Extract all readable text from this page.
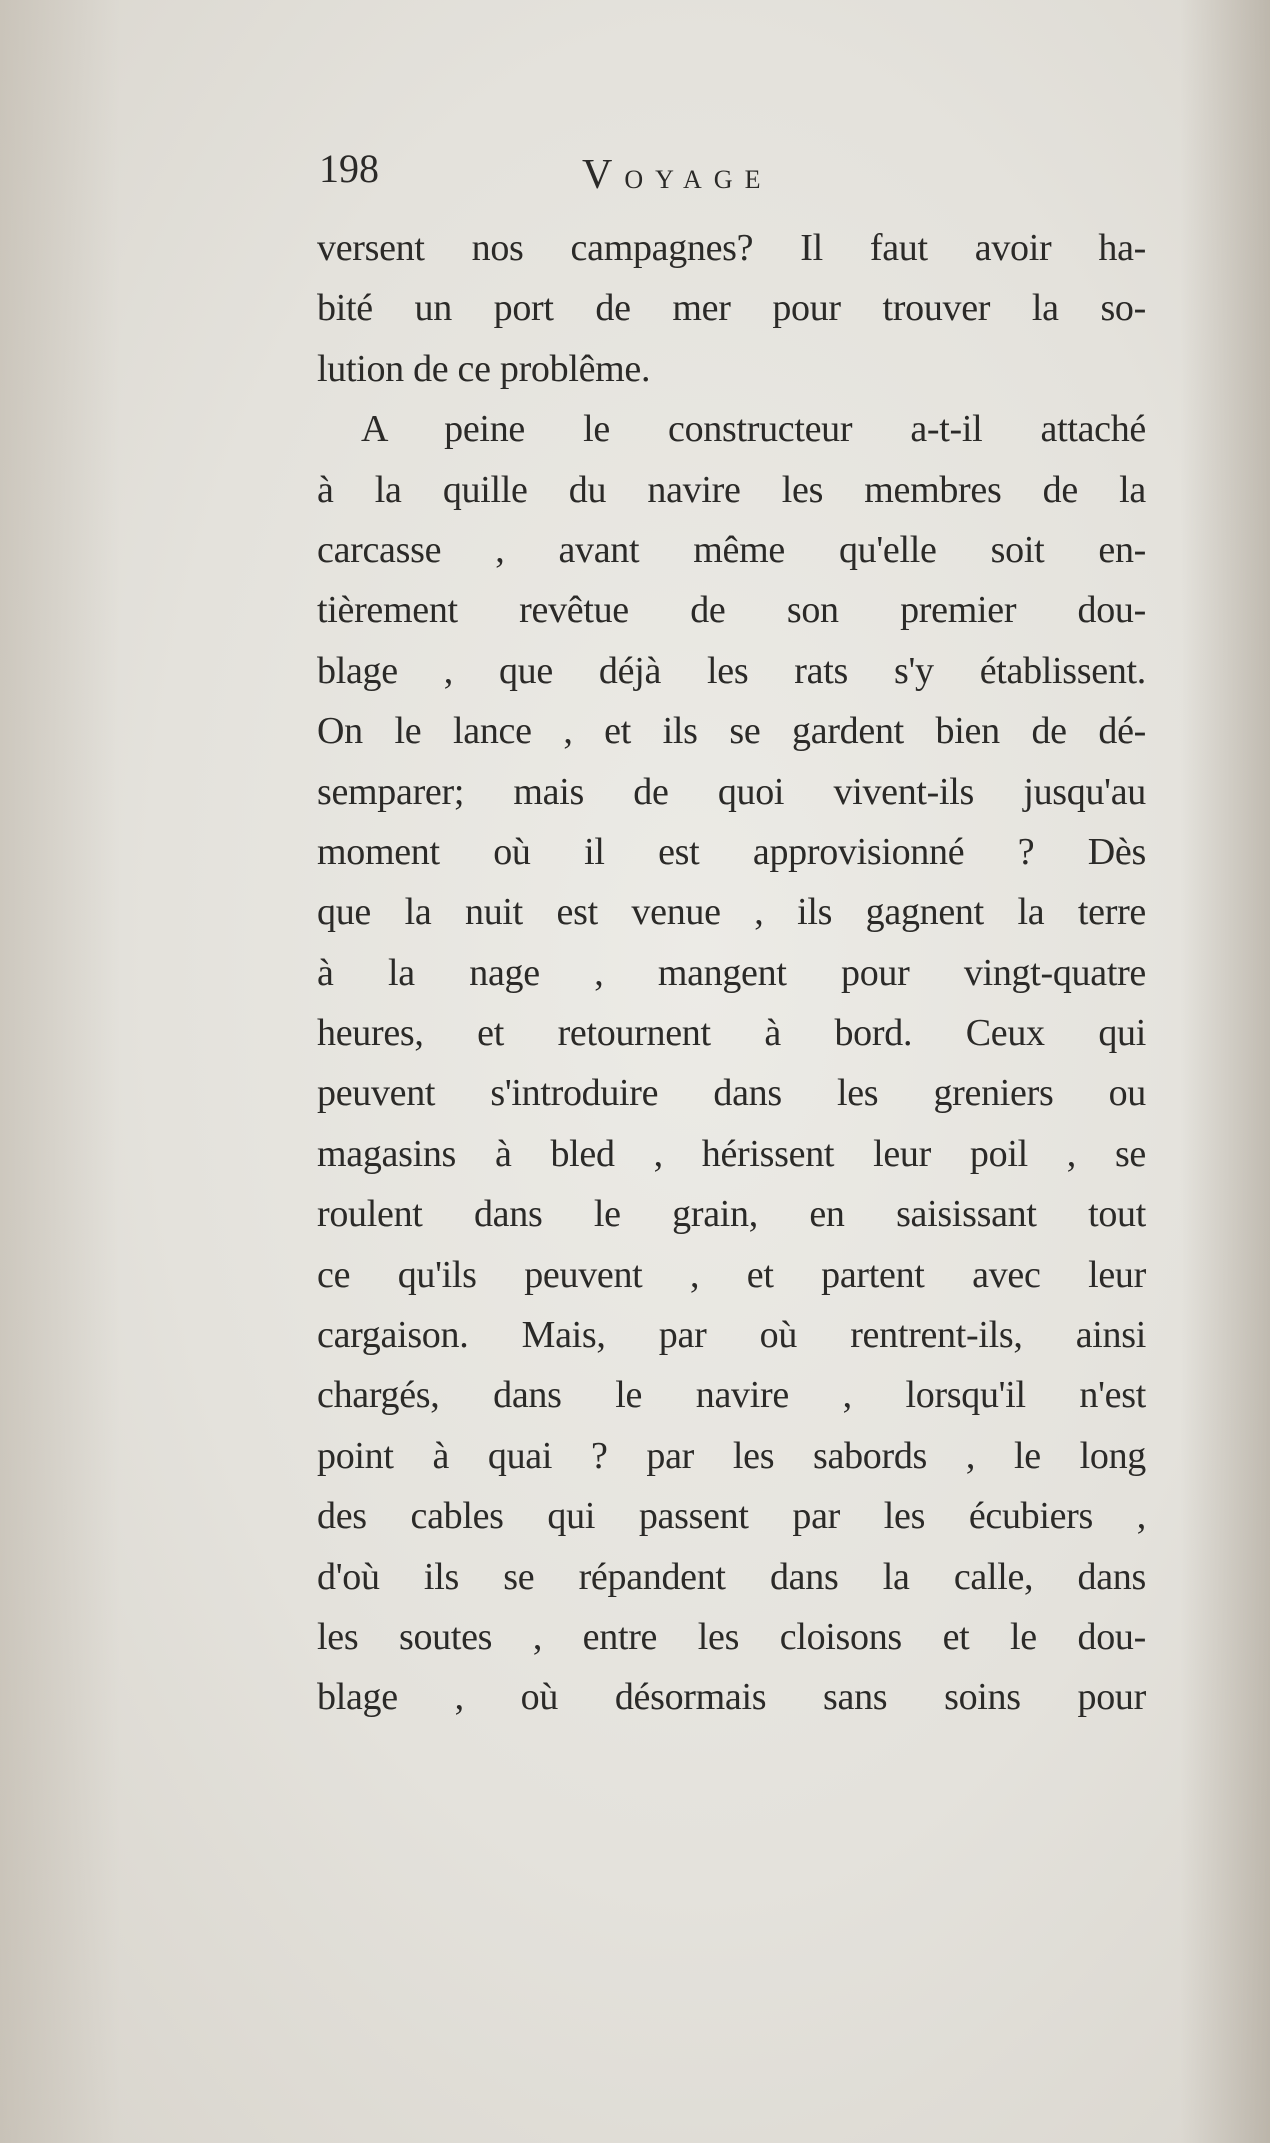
198	VOYAGE
versent nos campagnes? Il faut avoir ha-
bité un port de mer pour trouver la so-
lution de ce problême.
A peine le constructeur a-t-il attaché
à la quille du navire les membres de la
carcasse , avant même qu'elle soit en-
tièrement revêtue de son premier dou-
blage , que déjà les rats s'y établissent.
On le lance , et ils se gardent bien de dé-
semparer; mais de quoi vivent-ils jusqu'au
moment où il est approvisionné ? Dès
que la nuit est venue , ils gagnent la terre
à la nage , mangent pour vingt-quatre
heures, et retournent à bord. Ceux qui
peuvent s'introduire dans les greniers ou
magasins à bled , hérissent leur poil , se
roulent dans le grain, en saisissant tout
ce qu'ils peuvent , et partent avec leur
cargaison. Mais, par où rentrent-ils, ainsi
chargés, dans le navire , lorsqu'il n'est
point à quai ? par les sabords , le long
des cables qui passent par les écubiers ,
d'où ils se répandent dans la calle, dans
les soutes , entre les cloisons et le dou-
blage , où désormais sans soins pour
